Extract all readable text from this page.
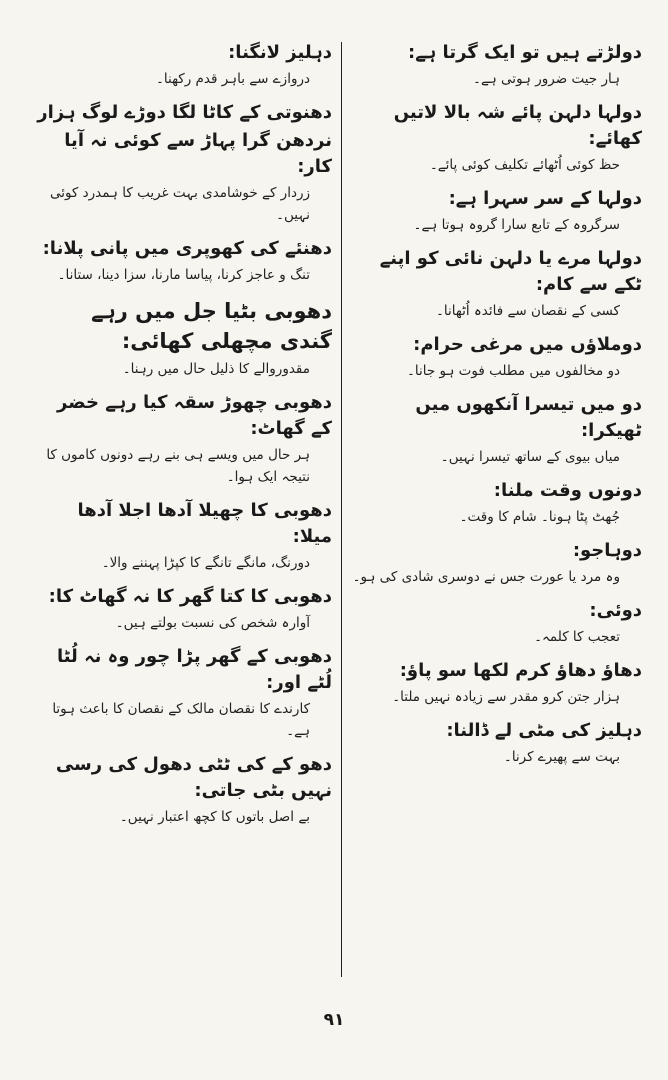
دولڑتے ہیں تو ایک گرتا ہے:

ہار جیت ضرور ہوتی ہے۔

دولہا دلہن پائے شہ بالا لاتیں کھائے:

حظ کوئی اُٹھائے تکلیف کوئی پائے۔

دولہا کے سر سہرا ہے:

سرگروہ کے تابع سارا گروہ ہوتا ہے۔

دولہا مرے یا دلہن نائی کو اپنے ٹکے سے کام:

کسی کے نقصان سے فائدہ اُٹھانا۔

دوملاؤں میں مرغی حرام:

دو مخالفوں میں مطلب فوت ہو جانا۔

دو میں تیسرا آنکھوں میں ٹھیکرا:

میاں بیوی کے ساتھ تیسرا نہیں۔

دونوں وقت ملنا:

جُھٹ پٹا ہونا۔ شام کا وقت۔

دوہاجو:

وہ مرد یا عورت جس نے دوسری شادی کی ہو۔

دوئی:

تعجب کا کلمہ۔

دھاؤ دھاؤ کرم لکھا سو پاؤ:

ہزار جتن کرو مقدر سے زیادہ نہیں ملتا۔

دہلیز کی مٹی لے ڈالنا:

بہت سے پھیرے کرنا۔

دہلیز لانگنا:

دروازے سے باہر قدم رکھنا۔

دھنوتی کے کاٹا لگا دوڑے لوگ ہزار

نردھن گرا پہاڑ سے کوئی نہ آیا کار:

زردار کے خوشامدی بہت غریب کا ہمدرد کوئی نہیں۔

دھنئے کی کھوپری میں پانی پلانا:

تنگ و عاجز کرنا، پیاسا مارنا، سزا دینا، ستانا۔

دھوبی بٹیا جل میں رہے گندی مچھلی کھائی:

مقدوروالے کا ذلیل حال میں رہنا۔

دھوبی چھوڑ سقہ کیا رہے خضر کے گھاٹ:

ہر حال میں ویسے ہی بنے رہے دونوں کاموں کا نتیجہ ایک ہوا۔

دھوبی کا چھیلا آدھا اجلا آدھا میلا:

دورنگ، مانگے تانگے کا کپڑا پہننے والا۔

دھوبی کا کتا گھر کا نہ گھاٹ کا:

آوارہ شخص کی نسبت بولتے ہیں۔

دھوبی کے گھر پڑا چور وہ نہ لُٹا لُٹے اور:

کارندے کا نقصان مالک کے نقصان کا باعث ہوتا ہے۔

دھو کے کی ٹٹی دھول کی رسی نہیں بٹی جاتی:

بے اصل باتوں کا کچھ اعتبار نہیں۔

۹۱
